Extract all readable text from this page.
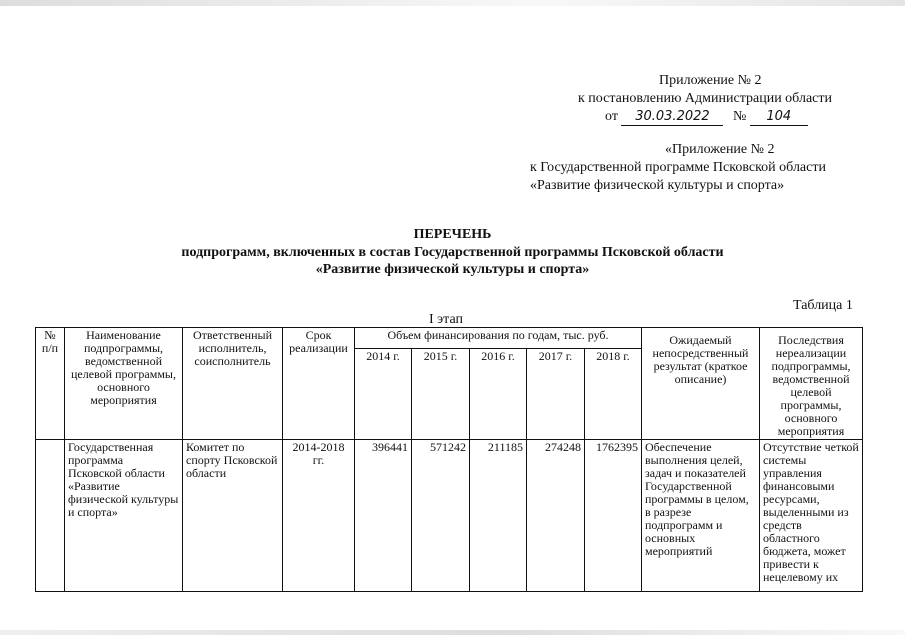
Приложение № 2
к постановлению Администрации области
от 30.03.2022 № 104
«Приложение № 2
к Государственной программе Псковской области
«Развитие физической культуры и спорта»
ПЕРЕЧЕНЬ
подпрограмм, включенных в состав Государственной программы Псковской области
«Развитие физической культуры и спорта»
Таблица 1
I этап
№ п/п	Наименование подпрограммы, ведомственной целевой программы, основного мероприятия	Ответственный исполнитель, соисполнитель	Срок реализации	Объем финансирования по годам, тыс. руб.					Ожидаемый непосредственный результат (краткое описание)	Последствия нереализации подпрограммы, ведомственной целевой программы, основного мероприятия
				2014 г.	2015 г.	2016 г.	2017 г.	2018 г.		
	Государственная программа Псковской области «Развитие физической культуры и спорта»	Комитет по спорту Псковской области	2014-2018 гг.	396441	571242	211185	274248	1762395	Обеспечение выполнения целей, задач и показателей Государственной программы в целом, в разрезе подпрограмм и основных мероприятий	Отсутствие четкой системы управления финансовыми ресурсами, выделенными из средств областного бюджета, может привести к нецелевому их
